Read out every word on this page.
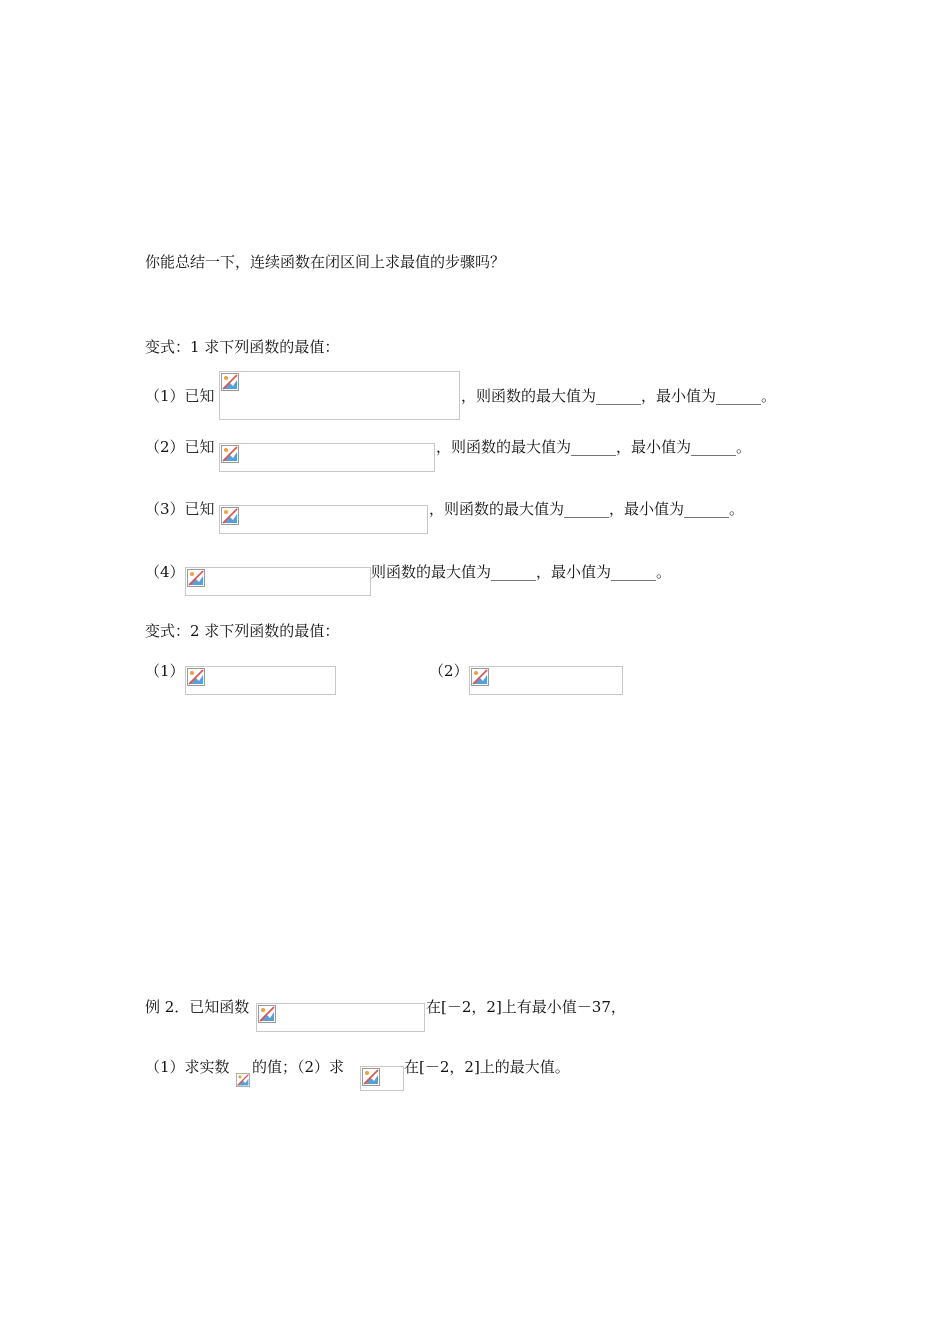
你能总结一下，连续函数在闭区间上求最值的步骤吗？
变式：1 求下列函数的最值：
（1）已知	，则函数的最大值为______，最小值为______。
（2）已知	，则函数的最大值为______，最小值为______。
（3）已知	，则函数的最大值为______，最小值为______。
（4）	则函数的最大值为______，最小值为______。
变式：2 求下列函数的最值：
（1）	（2）
例 2．已知函数	在[－2，2]上有最小值－37，
（1）求实数 的值；（2）求	在[－2，2]上的最大值。
